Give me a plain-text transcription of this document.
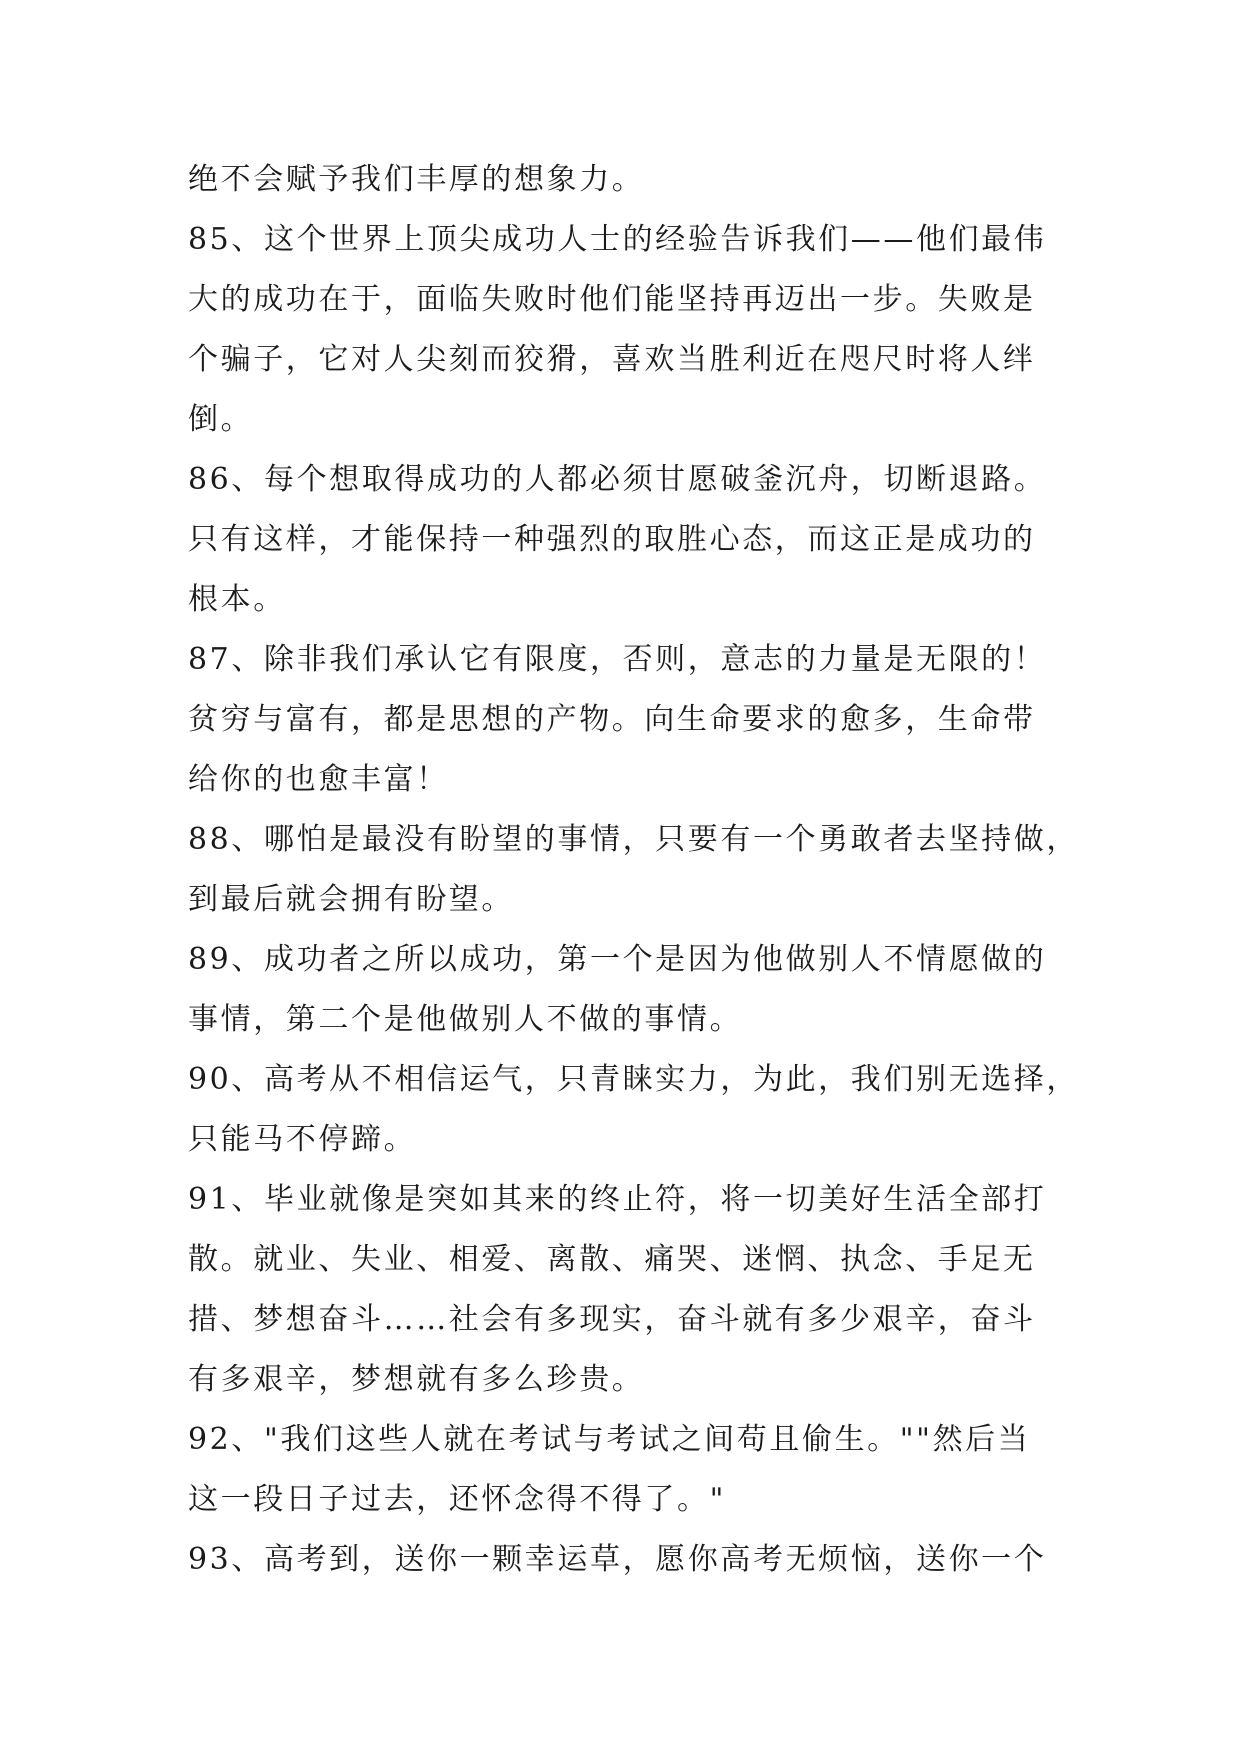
绝不会赋予我们丰厚的想象力。
85、这个世界上顶尖成功人士的经验告诉我们——他们最伟
大的成功在于，面临失败时他们能坚持再迈出一步。失败是
个骗子，它对人尖刻而狡猾，喜欢当胜利近在咫尺时将人绊
倒。
86、每个想取得成功的人都必须甘愿破釜沉舟，切断退路。
只有这样，才能保持一种强烈的取胜心态，而这正是成功的
根本。
87、除非我们承认它有限度，否则，意志的力量是无限的！
贫穷与富有，都是思想的产物。向生命要求的愈多，生命带
给你的也愈丰富！
88、哪怕是最没有盼望的事情，只要有一个勇敢者去坚持做，
到最后就会拥有盼望。
89、成功者之所以成功，第一个是因为他做别人不情愿做的
事情，第二个是他做别人不做的事情。
90、高考从不相信运气，只青睐实力，为此，我们别无选择，
只能马不停蹄。
91、毕业就像是突如其来的终止符，将一切美好生活全部打
散。就业、失业、相爱、离散、痛哭、迷惘、执念、手足无
措、梦想奋斗……社会有多现实，奋斗就有多少艰辛，奋斗
有多艰辛，梦想就有多么珍贵。
92、"我们这些人就在考试与考试之间苟且偷生。""然后当
这一段日子过去，还怀念得不得了。"
93、高考到，送你一颗幸运草，愿你高考无烦恼，送你一个
